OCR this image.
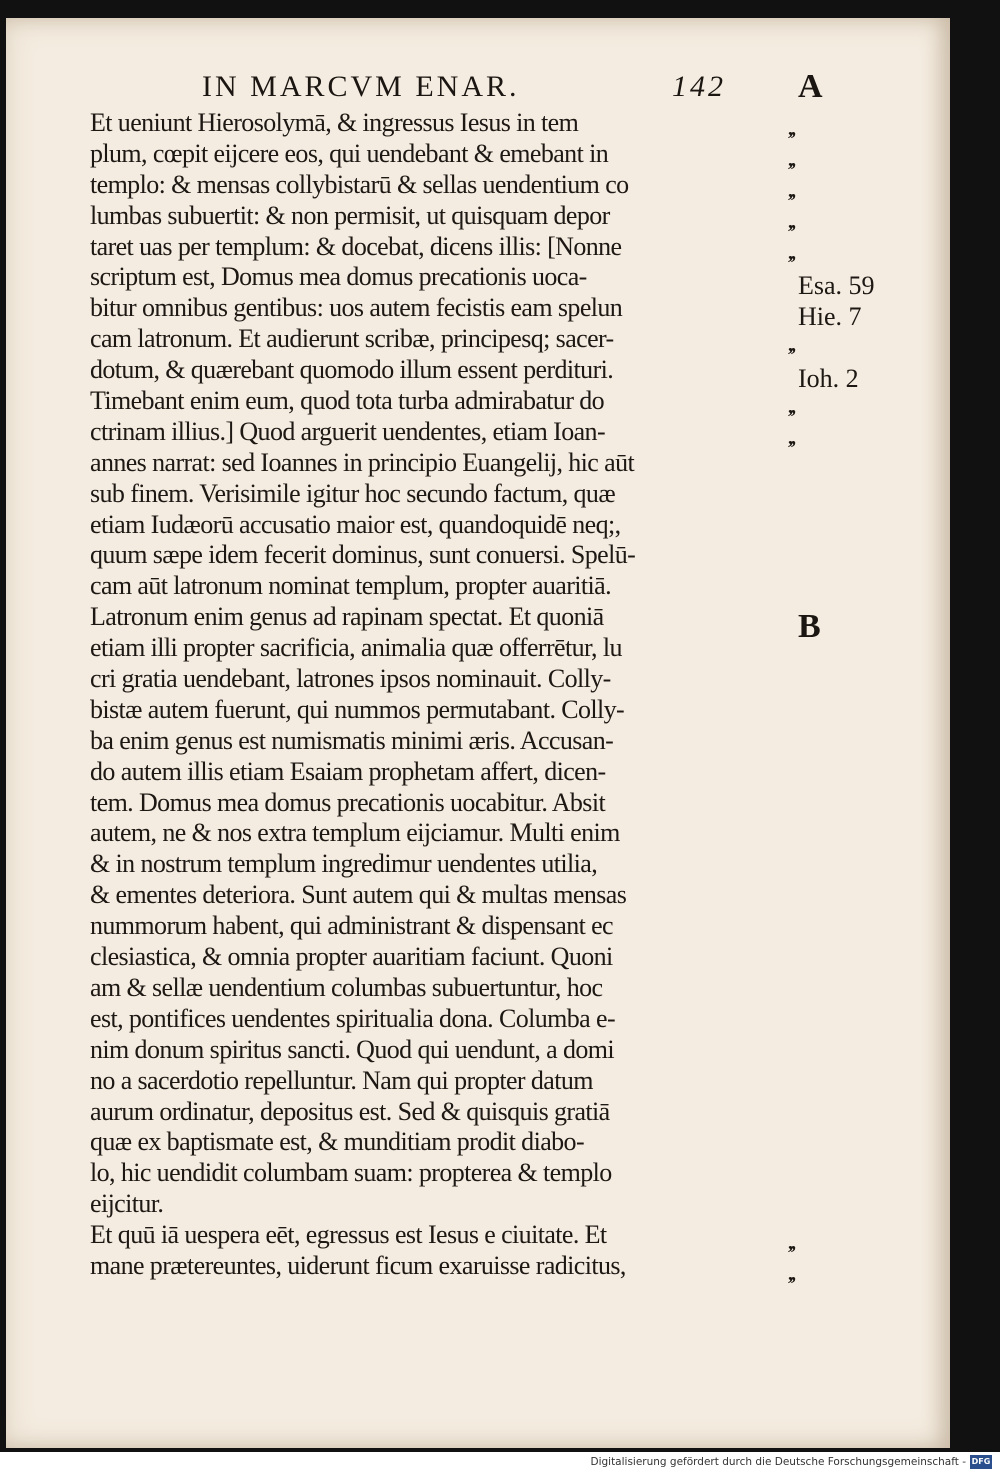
IN MARCVM ENAR.	142 A
B
Et ueniunt Hierosolymā, & ingressus Iesus in tem
plum, cœpit eijcere eos, qui uendebant & emebant in
templo: & mensas collybistarū & sellas uendentium co
lumbas subuertit: & non permisit, ut quisquam depor
taret uas per templum: & docebat, dicens illis: [Nonne
scriptum est, Domus mea domus precationis uoca-
bitur omnibus gentibus: uos autem fecistis eam spelun
cam latronum. Et audierunt scribæ, principesq; sacer-
dotum, & quærebant quomodo illum essent perdituri.
Timebant enim eum, quod tota turba admirabatur do
ctrinam illius.] Quod arguerit uendentes, etiam Ioan-
annes narrat: sed Ioannes in principio Euangelij, hic aūt
sub finem. Verisimile igitur hoc secundo factum, quæ
etiam Iudæorū accusatio maior est, quandoquidē neq;,
quum sæpe idem fecerit dominus, sunt conuersi. Spelū-
cam aūt latronum nominat templum, propter auaritiā.
Latronum enim genus ad rapinam spectat. Et quoniā
etiam illi propter sacrificia, animalia quæ offerrētur, lu
cri gratia uendebant, latrones ipsos nominauit. Colly-
bistæ autem fuerunt, qui nummos permutabant. Colly-
ba enim genus est numismatis minimi æris. Accusan-
do autem illis etiam Esaiam prophetam affert, dicen-
tem. Domus mea domus precationis uocabitur. Absit
autem, ne & nos extra templum eijciamur. Multi enim
& in nostrum templum ingredimur uendentes utilia,
& ementes deteriora. Sunt autem qui & multas mensas
nummorum habent, qui administrant & dispensant ec
clesiastica, & omnia propter auaritiam faciunt. Quoni
am & sellæ uendentium columbas subuertuntur, hoc
est, pontifices uendentes spiritualia dona. Columba e-
nim donum spiritus sancti. Quod qui uendunt, a domi
no a sacerdotio repelluntur. Nam qui propter datum
aurum ordinatur, depositus est. Sed & quisquis gratiā
quæ ex baptismate est, & munditiam prodit diabo-
lo, hic uendidit columbam suam: propterea & templo
eijcitur.
Et quū iā uespera eēt, egressus est Iesus e ciuitate. Et
mane prætereuntes, uiderunt ficum exaruisse radicitus,
,,
,,
,,
,,
,,
,,
,,
,,
,,
,,
Esa. 59
Hie. 7
Ioh. 2
Digitalisierung gefördert durch die Deutsche Forschungsgemeinschaft - DFG
